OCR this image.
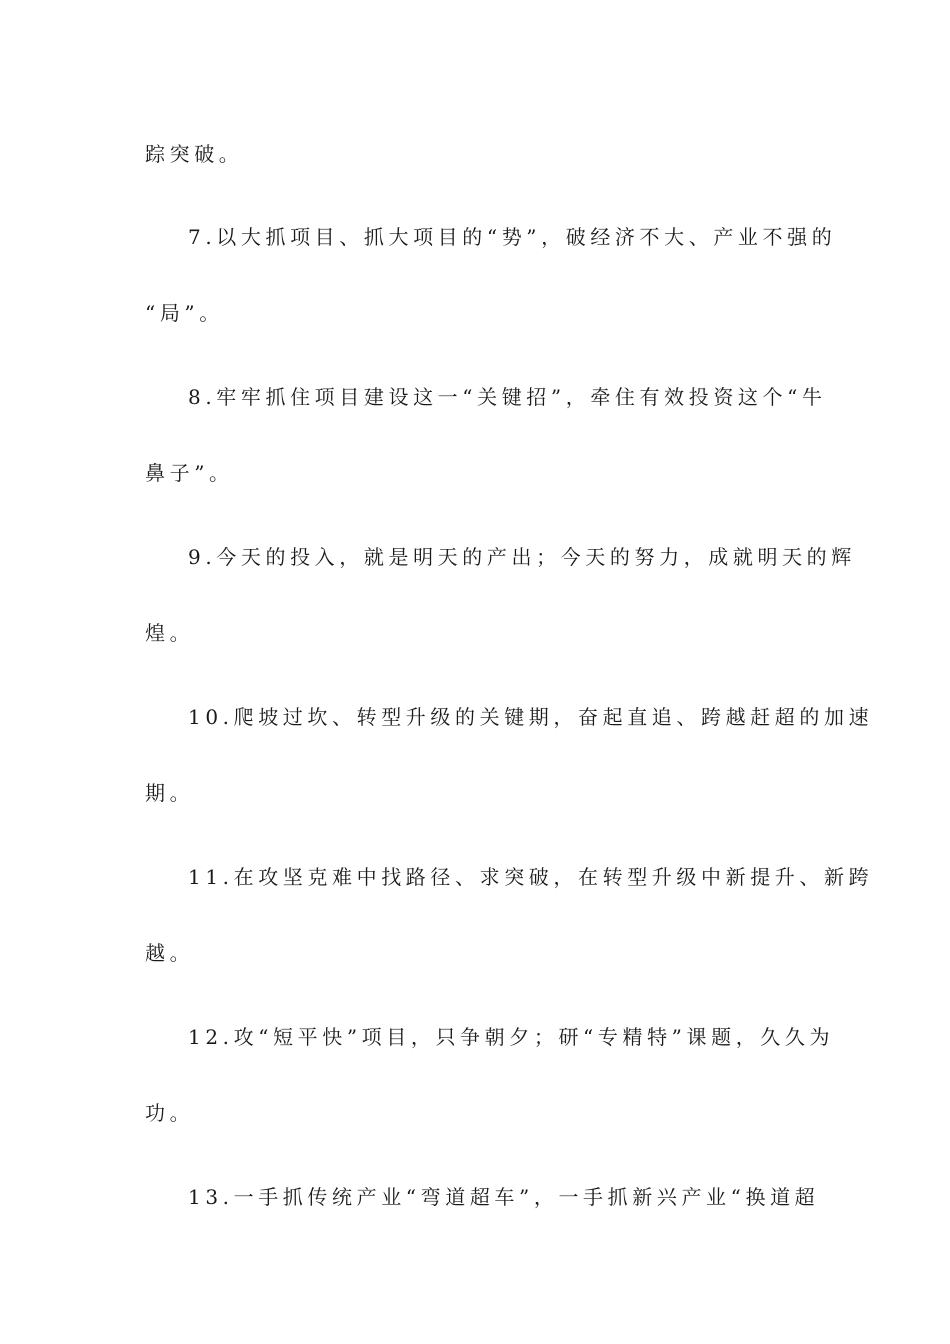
踪突破。
7.以大抓项目、抓大项目的“势”，破经济不大、产业不强的
“局”。
8.牢牢抓住项目建设这一“关键招”，牵住有效投资这个“牛
鼻子”。
9.今天的投入，就是明天的产出；今天的努力，成就明天的辉
煌。
10.爬坡过坎、转型升级的关键期，奋起直追、跨越赶超的加速
期。
11.在攻坚克难中找路径、求突破，在转型升级中新提升、新跨
越。
12.攻“短平快”项目，只争朝夕；研“专精特”课题，久久为
功。
13.一手抓传统产业“弯道超车”，一手抓新兴产业“换道超
